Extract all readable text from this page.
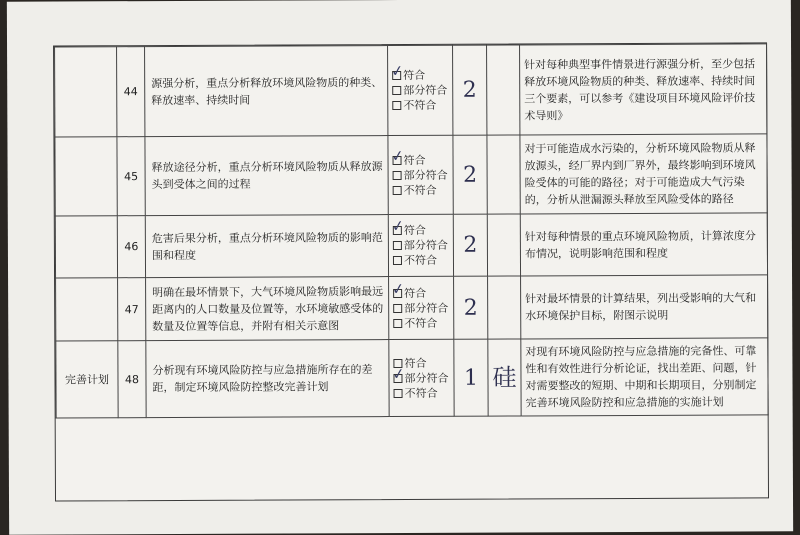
	44	源强分析，重点分析释放环境风险物质的种类、释放速率、持续时间	✓
符合
部分符合
不符合	2		针对每种典型事件情景进行源强分析，至少包括释放环境风险物质的种类、释放速率、持续时间三个要素，可以参考《建设项目环境风险评价技术导则》
	45	释放途径分析，重点分析环境风险物质从释放源头到受体之间的过程	✓
符合
部分符合
不符合	2		对于可能造成水污染的，分析环境风险物质从释放源头，经厂界内到厂界外，最终影响到环境风险受体的可能的路径；对于可能造成大气污染的，分析从泄漏源头释放至风险受体的路径
	46	危害后果分析，重点分析环境风险物质的影响范围和程度	✓
符合
部分符合
不符合	2		针对每种情景的重点环境风险物质，计算浓度分布情况，说明影响范围和程度
	47	明确在最坏情景下，大气环境风险物质影响最远距离内的人口数量及位置等，水环境敏感受体的数量及位置等信息，并附有相关示意图	✓
符合
部分符合
不符合	2		针对最坏情景的计算结果，列出受影响的大气和水环境保护目标，附图示说明
完善计划	48	分析现有环境风险防控与应急措施所存在的差距，制定环境风险防控整改完善计划	符合
✓
部分符合
不符合	1	硅	对现有环境风险防控与应急措施的完备性、可靠性和有效性进行分析论证，找出差距、问题，针对需要整改的短期、中期和长期项目，分别制定完善环境风险防控和应急措施的实施计划
